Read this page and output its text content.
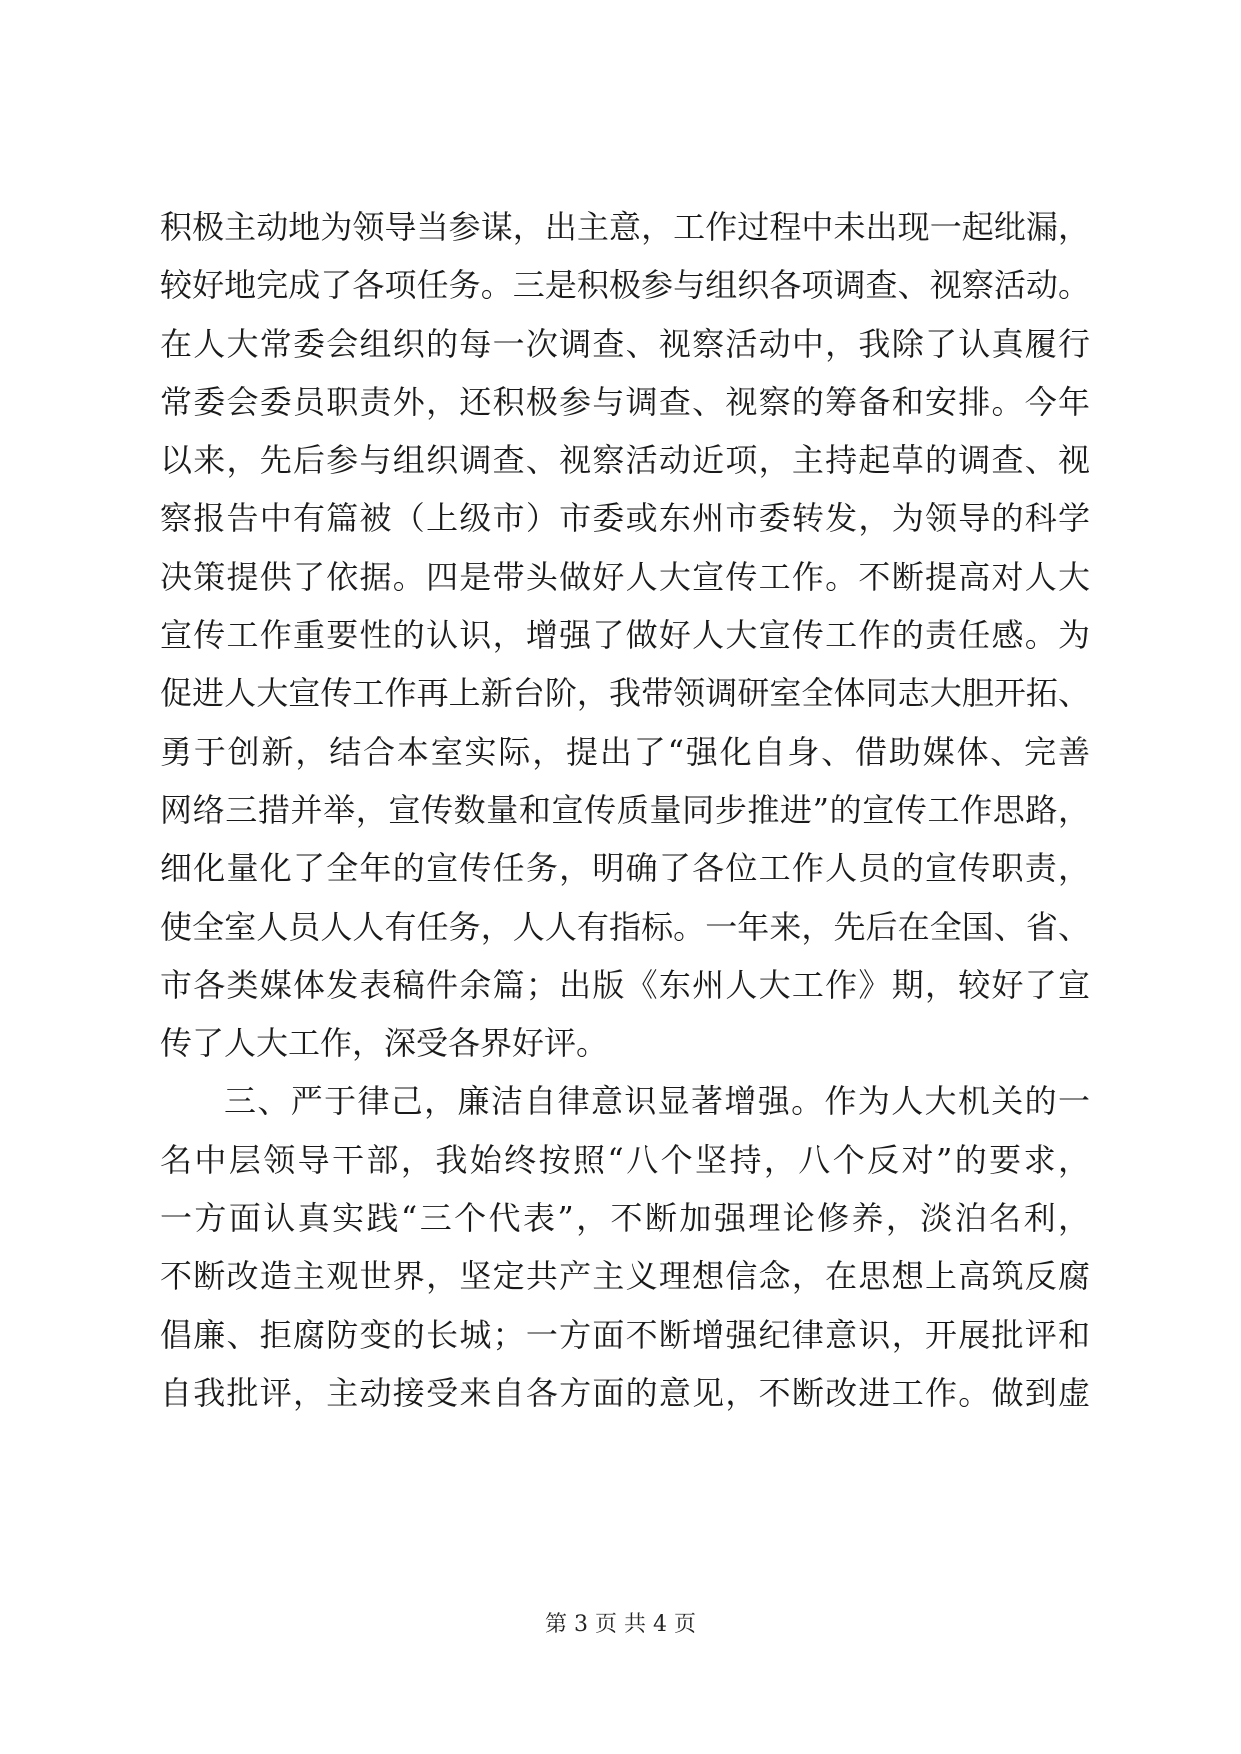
积极主动地为领导当参谋，出主意，工作过程中未出现一起纰漏，
较好地完成了各项任务。三是积极参与组织各项调查、视察活动。
在人大常委会组织的每一次调查、视察活动中，我除了认真履行
常委会委员职责外，还积极参与调查、视察的筹备和安排。今年
以来，先后参与组织调查、视察活动近项，主持起草的调查、视
察报告中有篇被（上级市）市委或东州市委转发，为领导的科学
决策提供了依据。四是带头做好人大宣传工作。不断提高对人大
宣传工作重要性的认识，增强了做好人大宣传工作的责任感。为
促进人大宣传工作再上新台阶，我带领调研室全体同志大胆开拓、
勇于创新，结合本室实际，提出了“强化自身、借助媒体、完善
网络三措并举，宣传数量和宣传质量同步推进”的宣传工作思路，
细化量化了全年的宣传任务，明确了各位工作人员的宣传职责，
使全室人员人人有任务，人人有指标。一年来，先后在全国、省、
市各类媒体发表稿件余篇；出版《东州人大工作》期，较好了宣
传了人大工作，深受各界好评。
三、严于律己，廉洁自律意识显著增强。作为人大机关的一
名中层领导干部，我始终按照“八个坚持，八个反对”的要求，
一方面认真实践“三个代表”，不断加强理论修养，淡泊名利，
不断改造主观世界，坚定共产主义理想信念，在思想上高筑反腐
倡廉、拒腐防变的长城；一方面不断增强纪律意识，开展批评和
自我批评，主动接受来自各方面的意见，不断改进工作。做到虚
第 3 页 共 4 页
